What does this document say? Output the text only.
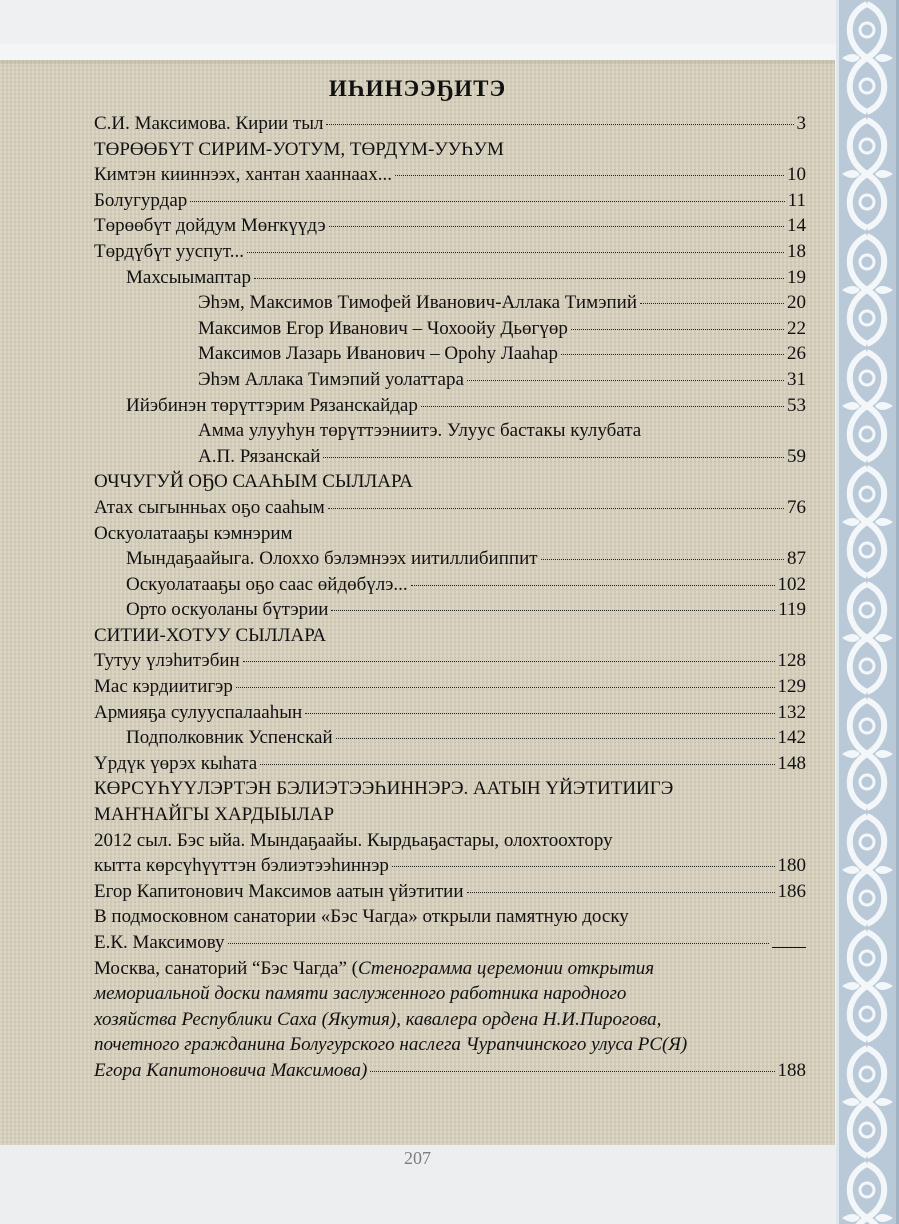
ИҺИНЭЭҔИТЭ
С.И. Максимова. Кирии тыл	3
ТӨРӨӨБҮТ СИРИМ-УОТУМ, ТӨРДҮМ-УУҺУМ
Кимтэн кииннээх, хантан хааннаах...	10
Болугурдар	11
Төрөөбүт дойдум Мөҥкүүдэ	14
Төрдүбүт ууспут...	18
Махсыымаптар	19
Эһэм, Максимов Тимофей Иванович-Аллака Тимэпий	20
Максимов Егор Иванович – Чохоойу Дьөгүөр	22
Максимов Лазарь Иванович – Ороһу Лааһар	26
Эһэм Аллака Тимэпий уолаттара	31
Ийэбинэн төрүттэрим Рязанскайдар	53
Амма улууһун төрүттээниитэ. Улуус бастакы кулубата
А.П. Рязанскай	59
ОЧЧУГУЙ ОҔО СААҺЫМ СЫЛЛАРА
Атах сыгынньах оҕо сааһым	76
Оскуолатааҕы кэмнэрим
Мындаҕаайыга. Олоххо бэлэмнээх иитиллибиппит	87
Оскуолатааҕы оҕо саас өйдөбүлэ...	102
Орто оскуоланы бүтэрии	119
СИТИИ-ХОТУУ СЫЛЛАРА
Тутуу үлэһитэбин	128
Мас кэрдиитигэр	129
Армияҕа сулууспалааһын	132
Подполковник Успенскай	142
Үрдүк үөрэх кыһата	148
КӨРСҮҺҮҮЛЭРТЭН БЭЛИЭТЭЭҺИННЭРЭ. ААТЫН ҮЙЭТИТИИГЭ
МАҤНАЙГЫ ХАРДЫЫЛАР
2012 сыл. Бэс ыйа. Мындаҕаайы. Кырдьаҕастары, олохтоохтору
кытта көрсүһүүттэн бэлиэтээһиннэр	180
Егор Капитонович Максимов аатын үйэтитии	186
В подмосковном санатории «Бэс Чагда» открыли памятную доску
Е.К. Максимову
Москва, санаторий “Бэс Чагда” (Стенограмма церемонии открытия
мемориальной доски памяти заслуженного работника народного
хозяйства Республики Саха (Якутия), кавалера ордена Н.И.Пирогова,
почетного гражданина Болугурского наслега Чурапчинского улуса РС(Я)
Егора Капитоновича Максимова)	188
207
